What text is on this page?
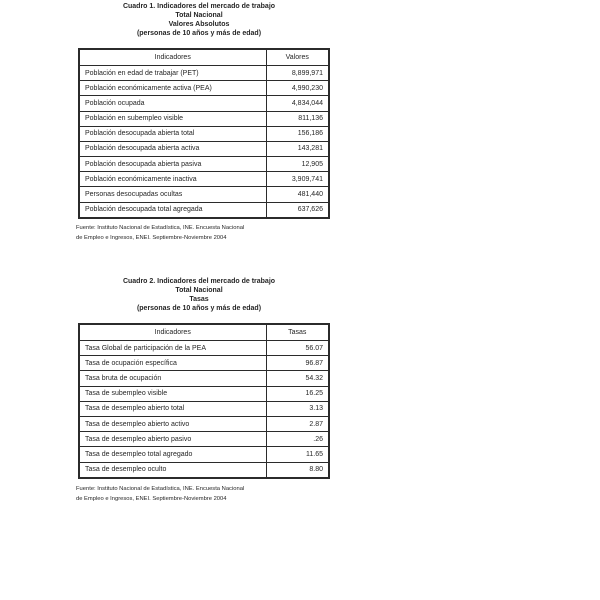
Cuadro 1. Indicadores del mercado de trabajo
Total Nacional
Valores Absolutos
(personas de 10 años y más de edad)
Indicadores	Valores
Población en edad de trabajar (PET)	8,899,971
Población económicamente activa (PEA)	4,990,230
Población ocupada	4,834,044
Población en subempleo visible	811,136
Población desocupada abierta total	156,186
Población desocupada abierta activa	143,281
Población desocupada abierta pasiva	12,905
Población económicamente inactiva	3,909,741
Personas desocupadas ocultas	481,440
Población desocupada total agregada	637,626
Fuente: Instituto Nacional de Estadística, INE. Encuesta Nacional
de Empleo e Ingresos, ENEI. Septiembre-Noviembre 2004
Cuadro 2. Indicadores del mercado de trabajo
Total Nacional
Tasas
(personas de 10 años y más de edad)
Indicadores	Tasas
Tasa Global de participación de la PEA	56.07
Tasa de ocupación específica	96.87
Tasa bruta de ocupación	54.32
Tasa de subempleo visible	16.25
Tasa de desempleo abierto total	3.13
Tasa de desempleo abierto activo	2.87
Tasa de desempleo abierto pasivo	.26
Tasa de desempleo total agregado	11.65
Tasa de desempleo oculto	8.80
Fuente: Instituto Nacional de Estadística, INE. Encuesta Nacional
de Empleo e Ingresos, ENEI. Septiembre-Noviembre 2004
